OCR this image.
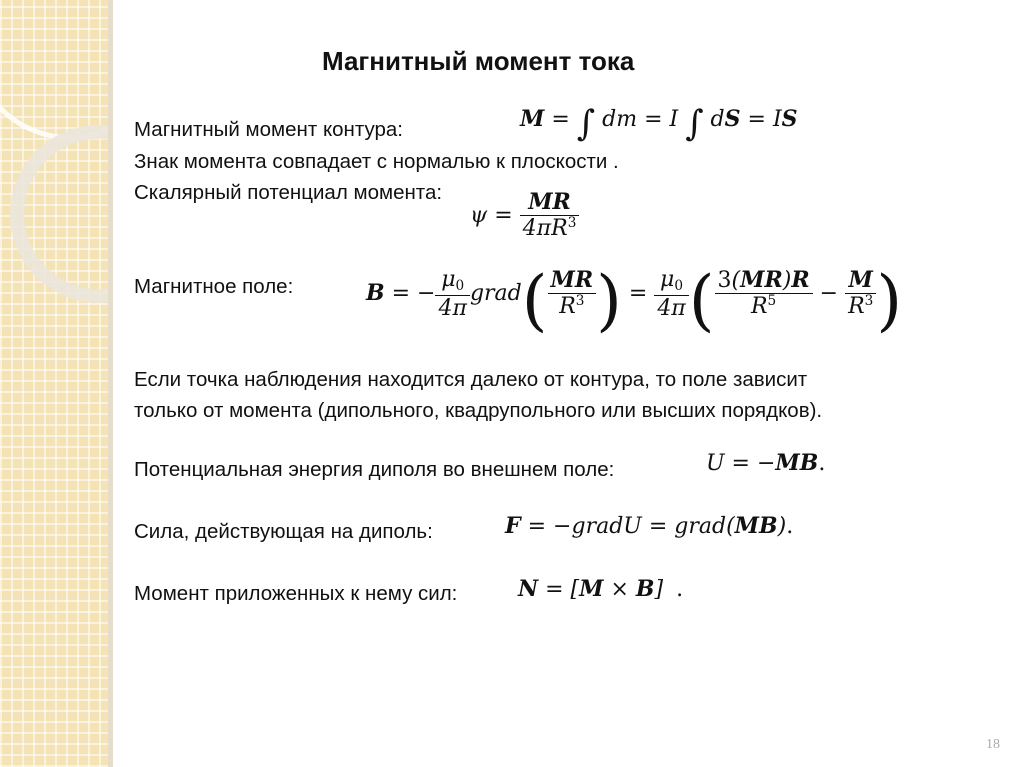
Магнитный момент тока

Магнитный момент контура:	M = ∫ dm = I ∫ dS = IS

Знак момента совпадает с нормалью к плоскости .

Скалярный потенциал момента:

$\psi = \frac{MR}{4\pi R^3}$

Магнитное поле:	B = − $\frac{\mu 0}{4\pi}$ grad( $\frac{MR}{R^3}$ ) = $\frac{\mu 0}{4\pi}$ ( $\frac{3(MR)R}{R^5} - \frac{M}{R^3}$ )

Если точка наблюдения находится далеко от контура, то поле зависит

только от момента (дипольного, квадрупольного или высших порядков).

Потенциальная энергия диполя во внешнем поле:	U = −MB.

Сила, действующая на диполь:	F = −gradU = grad(MB).

Момент приложенных к нему сил:	N = [M × B] .
18
